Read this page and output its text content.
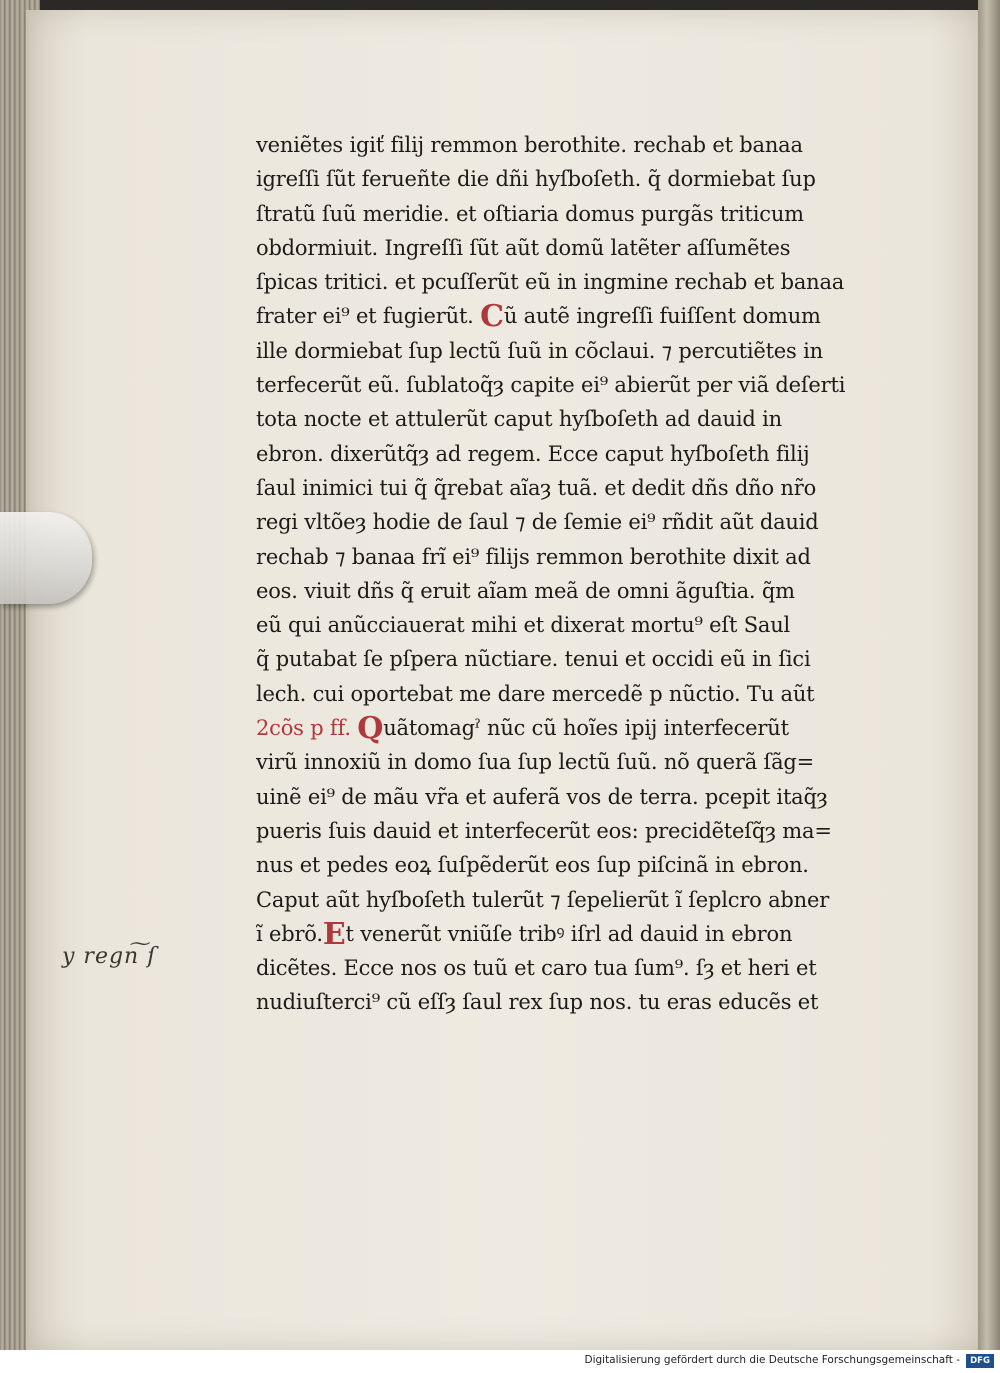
veniẽtes igiť filij remmon berothite. rechab et banaa
igreſſi ſũt ferueñte die dñi hyſboſeth. q̃ dormiebat ſup
ſtratũ ſuũ meridie. et oſtiaria domus purgãs triticum
obdormiuit. Ingreſſi ſũt aũt domũ latẽter aſſumẽtes
ſpicas tritici. et pcuſſerũt eũ in ingmine rechab et banaa
frater ei⁹ et fugierũt. Cũ autẽ ingreſſi fuiſſent domum
ille dormiebat ſup lectũ ſuũ in cõclaui. ⁊ percutiẽtes in
terfecerũt eũ. ſublatoq̃ȝ capite ei⁹ abierũt per viã deſerti
tota nocte et attulerũt caput hyſboſeth ad dauid in
ebron. dixerũtq̃ȝ ad regem. Ecce caput hyſboſeth filij
ſaul inimici tui q̃ q̃rebat aĩaȝ tuã. et dedit dñs dño nr̃o
regi vltõeȝ hodie de ſaul ⁊ de ſemie ei⁹ rñdit aũt dauid
rechab ⁊ banaa frĩ ei⁹ filijs remmon berothite dixit ad
eos. viuit dñs q̃ eruit aĩam meã de omni ãguſtia. q̃m
eũ qui anũcciauerat mihi et dixerat mortu⁹ eſt Saul
q̃ putabat ſe pſpera nũctiare. tenui et occidi eũ in ſici
lech. cui oportebat me dare mercedẽ p nũctio. Tu aũt
2cõs p ff. Quãtomagˀ nũc cũ hoĩes ipij interfecerũt
virũ innoxiũ in domo ſua ſup lectũ ſuũ. nõ querã ſãg=
uinẽ ei⁹ de mãu vr̃a et auferã vos de terra. pcepit itaq̃ȝ
pueris ſuis dauid et interfecerũt eos: precidẽteſq̃ȝ ma=
nus et pedes eoꝝ ſuſpẽderũt eos ſup piſcinã in ebron.
Caput aũt hyſboſeth tulerũt ⁊ ſepelierũt ĩ ſeplcro abner
ĩ ebrõ.Et venerũt vniũſe tribꝰ iſrl ad dauid in ebron
dicẽtes. Ecce nos os tuũ et caro tua ſum⁹. ſȝ et heri et
nudiuſterci⁹ cũ eſſȝ ſaul rex ſup nos. tu eras educẽs et
y regn͠ ſ
Digitalisierung gefördert durch die Deutsche Forschungsgemeinschaft -	DFG
